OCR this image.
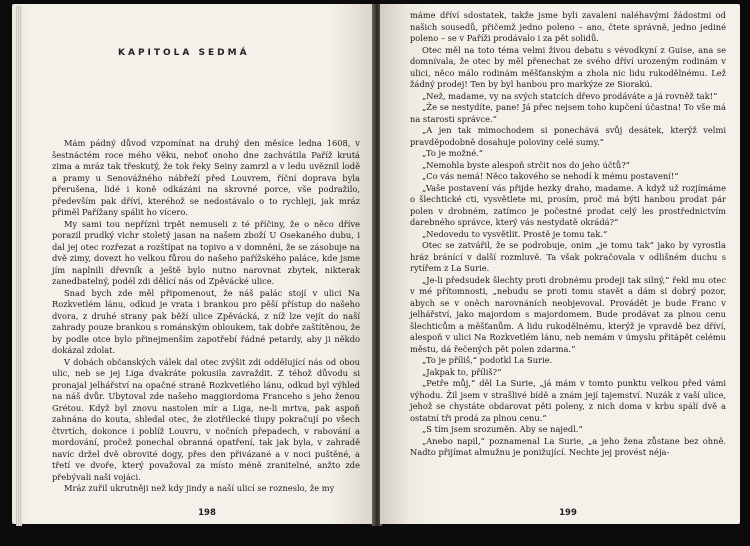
KAPITOLA SEDMÁ

Mám pádný důvod vzpomínat na druhý den měsíce ledna 1608, v šestnáctém roce mého věku, neboť onoho dne zachvátila Paříž krutá zima a mráz tak třeskutý, že tok řeky Seiny zamrzl a v ledu uvěznil lodě a pramy u Senovážného nábřeží před Louvrem, říční doprava byla přerušena, lidé i koně odkázáni na skrovné porce, vše podražilo, především pak dříví, kteréhož se nedostávalo o to rychleji, jak mráz přiměl Pařížany spálit ho vícero.

My sami tou nepříznì trpět nemuseli z té příčiny, že o něco dříve porazil prudký vichr stoletý jasan na našem zboží U Osekaného dubu, i dal jej otec rozřezat a rozštípat na topivo a v domnění, že se zásobuje na dvě zimy, dovezt ho velkou fůrou do našeho pařížského paláce, kde jsme jím naplnili dřevník a ještě bylo nutno narovnat zbytek, nikterak zanedbatelný, podél zdi dělící nás od Zpěvácké ulice.

Snad bych zde měl připomenout, že náš palác stojí v ulici Na Rozkvetlém lánu, odkud je vrata i brankou pro pěší přístup do našeho dvora, z druhé strany pak běží ulice Zpěvácká, z níž lze vejít do naší zahrady pouze brankou s románským obloukem, tak dobře zaštítěnou, že by podle otce bylo přinejmenším zapotřebí řádné petardy, aby ji někdo dokázal zdolat.

V dobách občanských válek dal otec zvýšit zdi oddělující nás od obou ulic, neb se jej Liga dvakráte pokusila zavraždit. Z téhož důvodu si pronajal jelhářství na opačné straně Rozkvetlého lánu, odkud byl výhled na náš dvůr. Ubytoval zde našeho maggiordoma Franceho s jeho ženou Grétou. Když byl znovu nastolen mír a Liga, ne-li mrtva, pak aspoň zahnána do kouta, shledal otec, že zlotřilecké tlupy pokračují po všech čtvrtích, dokonce i poblíž Louvru, v nočních přepadech, v rabování a mordování, pročež ponechal obranná opatření, tak jak byla, v zahradě navíc držel dvě obrovité dogy, přes den přivázané a v noci puštěné, a třetí ve dvoře, který považoval za místo méně zranitelné, anžto zde přebývali naši vojáci.

Mráz zuřil ukrutněji než kdy jindy a naší ulicí se rozneslo, že my

198

máme dříví sdostatek, takže jsme byli zavaleni naléhavými žádostmi od našich sousedů, přičemž jedno poleno – ano, čtete správně, jedno jediné poleno – se v Paříži prodávalo i za pět solidů.

Otec měl na toto téma velmi živou debatu s vévodkyní z Guise, ana se domnívala, že otec by měl přenechat ze svého dříví urozeným rodinám v ulici, něco málo rodinám měšťanským a zhola nic lidu rukodělnému. Lež žádný prodej! Ten by byl hanbou pro markýze ze Siorakú.

„Než, madame, vy na svých statcích dřevo prodáváte a já rovněž tak!“

„Že se nestydíte, pane! Já přec nejsem toho kupčení účastna! To vše má na starosti správce.“

„A jen tak mimochodem si ponechává svůj desátek, kterýž velmi pravděpodobně dosahuje poloviny celé sumy.“

„To je možné.“

„Nemohla byste alespoň strčit nos do jeho účtů?“

„Co vás nemá! Něco takového se nehodí k mému postavení!“

„Vaše postavení vás přijde hezky draho, madame. A když už rozjímáme o šlechtické cti, vysvětlete mi, prosím, proč má býti hanbou prodat pár polen v drobném, zatímco je počestné prodat celý les prostřednictvím darebného správce, který vás nestydatě okrádá?“

„Nedovedu to vysvětlit. Prostě je tomu tak.“

Otec se zatvářil, že se podrobuje, onim „je tomu tak“ jako by vyrostla hráz bránící v další rozmluvě. Ta však pokračovala v odlišném duchu s rytířem z La Surie.

„Je-li předsudek šlechty proti drobnému prodeji tak silný,“ řekl mu otec v mé přítomnosti, „nebudu se proti tomu stavět a dám si dobrý pozor, abych se v oněch narovnáních neobjevoval. Provádět je bude Franc v jelhářství, jako majordom s majordomem. Bude prodávat za plnou cenu šlechticům a měšťanům. A lidu rukodělnému, kterýž je vpravdě bez dříví, alespoň v ulici Na Rozkvetlém lánu, neb nemám v úmyslu přitápět celému městu, dá řečených pět polen zdarma.“

„To je příliš,“ podotkl La Surie.

„Jakpak to, příliš?“

„Petře můj,“ děl La Surie, „já mám v tomto punktu velkou před vámi výhodu. Žil jsem v strašlivé bídě a znám její tajemství. Nuzák z vaší ulice, jehož se chystáte obdarovat pěti poleny, z nich doma v krbu spálí dvě a ostatní tři prodá za plnou cenu.“

„S tím jsem srozuměn. Aby se najedl.“

„Anebo napil,“ poznamenal La Surie, „a jeho žena zůstane bez ohně. Nadto přijímat almužnu je ponižující. Nechte jej provést néja-

199
